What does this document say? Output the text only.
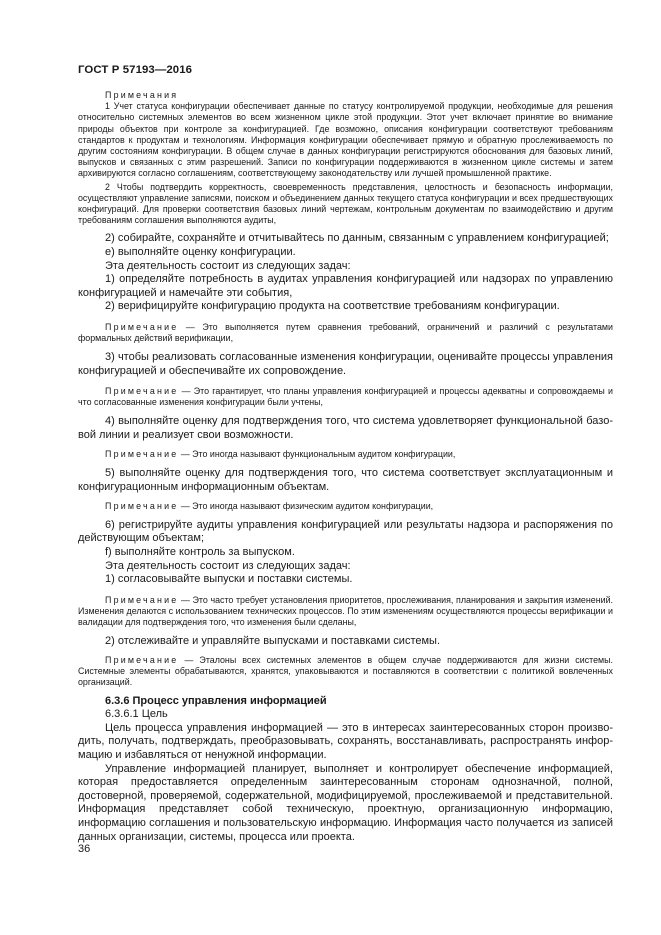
ГОСТ Р 57193—2016

Примечания

1 Учет статуса конфигурации обеспечивает данные по статусу контролируемой продукции, необходимые для решения относительно системных элементов во всем жизненном цикле этой продукции. Этот учет включает принятие во внимание природы объектов при контроле за конфигурацией. Где возможно, описания конфигурации соответствуют требованиям стандартов к продуктам и технологиям. Информация конфигурации обеспечивает прямую и обратную прослеживаемость по другим состояниям конфигурации. В общем случае в данных конфигурации регистрируются обоснования для базовых линий, выпусков и связанных с этим разрешений. Записи по конфигурации поддерживаются в жизненном цикле системы и затем архивируются согласно соглашениям, соответствующему законодательству или лучшей промышленной практике.

2 Чтобы подтвердить корректность, своевременность представления, целостность и безопасность информации, осуществляют управление записями, поиском и объединением данных текущего статуса конфигурации и всех предшествующих конфигураций. Для проверки соответствия базовых линий чертежам, контрольным документам по взаимодействию и другим требованиям соглашения выполняются аудиты,

2) собирайте, сохраняйте и отчитывайтесь по данным, связанным с управлением конфигурацией;

е) выполняйте оценку конфигурации.

Эта деятельность состоит из следующих задач:

1) определяйте потребность в аудитах управления конфигурацией или надзорах по управлению конфигурацией и намечайте эти события,

2) верифицируйте конфигурацию продукта на соответствие требованиям конфигурации.

Примечание — Это выполняется путем сравнения требований, ограничений и различий с результатами формальных действий верификации,

3) чтобы реализовать согласованные изменения конфигурации, оценивайте процессы управления конфигурацией и обеспечивайте их сопровождение.

Примечание — Это гарантирует, что планы управления конфигурацией и процессы адекватны и сопровождаемы и что согласованные изменения конфигурации были учтены,

4) выполняйте оценку для подтверждения того, что система удовлетворяет функциональной базовой линии и реализует свои возможности.

Примечание — Это иногда называют функциональным аудитом конфигурации,

5) выполняйте оценку для подтверждения того, что система соответствует эксплуатационным и конфигурационным информационным объектам.

Примечание — Это иногда называют физическим аудитом конфигурации,

6) регистрируйте аудиты управления конфигурацией или результаты надзора и распоряжения по действующим объектам;

f) выполняйте контроль за выпуском.

Эта деятельность состоит из следующих задач:

1) согласовывайте выпуски и поставки системы.

Примечание — Это часто требует установления приоритетов, прослеживания, планирования и закрытия изменений. Изменения делаются с использованием технических процессов. По этим изменениям осуществляются процессы верификации и валидации для подтверждения того, что изменения были сделаны,

2) отслеживайте и управляйте выпусками и поставками системы.

Примечание — Эталоны всех системных элементов в общем случае поддерживаются для жизни системы. Системные элементы обрабатываются, хранятся, упаковываются и поставляются в соответствии с политикой вовлеченных организаций.

6.3.6 Процесс управления информацией

6.3.6.1 Цель

Цель процесса управления информацией — это в интересах заинтересованных сторон производить, получать, подтверждать, преобразовывать, сохранять, восстанавливать, распространять информацию и избавляться от ненужной информации.

Управление информацией планирует, выполняет и контролирует обеспечение информацией, которая предоставляется определенным заинтересованным сторонам однозначной, полной, достоверной, проверяемой, содержательной, модифицируемой, прослеживаемой и представительной. Информация представляет собой техническую, проектную, организационную информацию, информацию соглашения и пользовательскую информацию. Информация часто получается из записей данных организации, системы, процесса или проекта.

36
